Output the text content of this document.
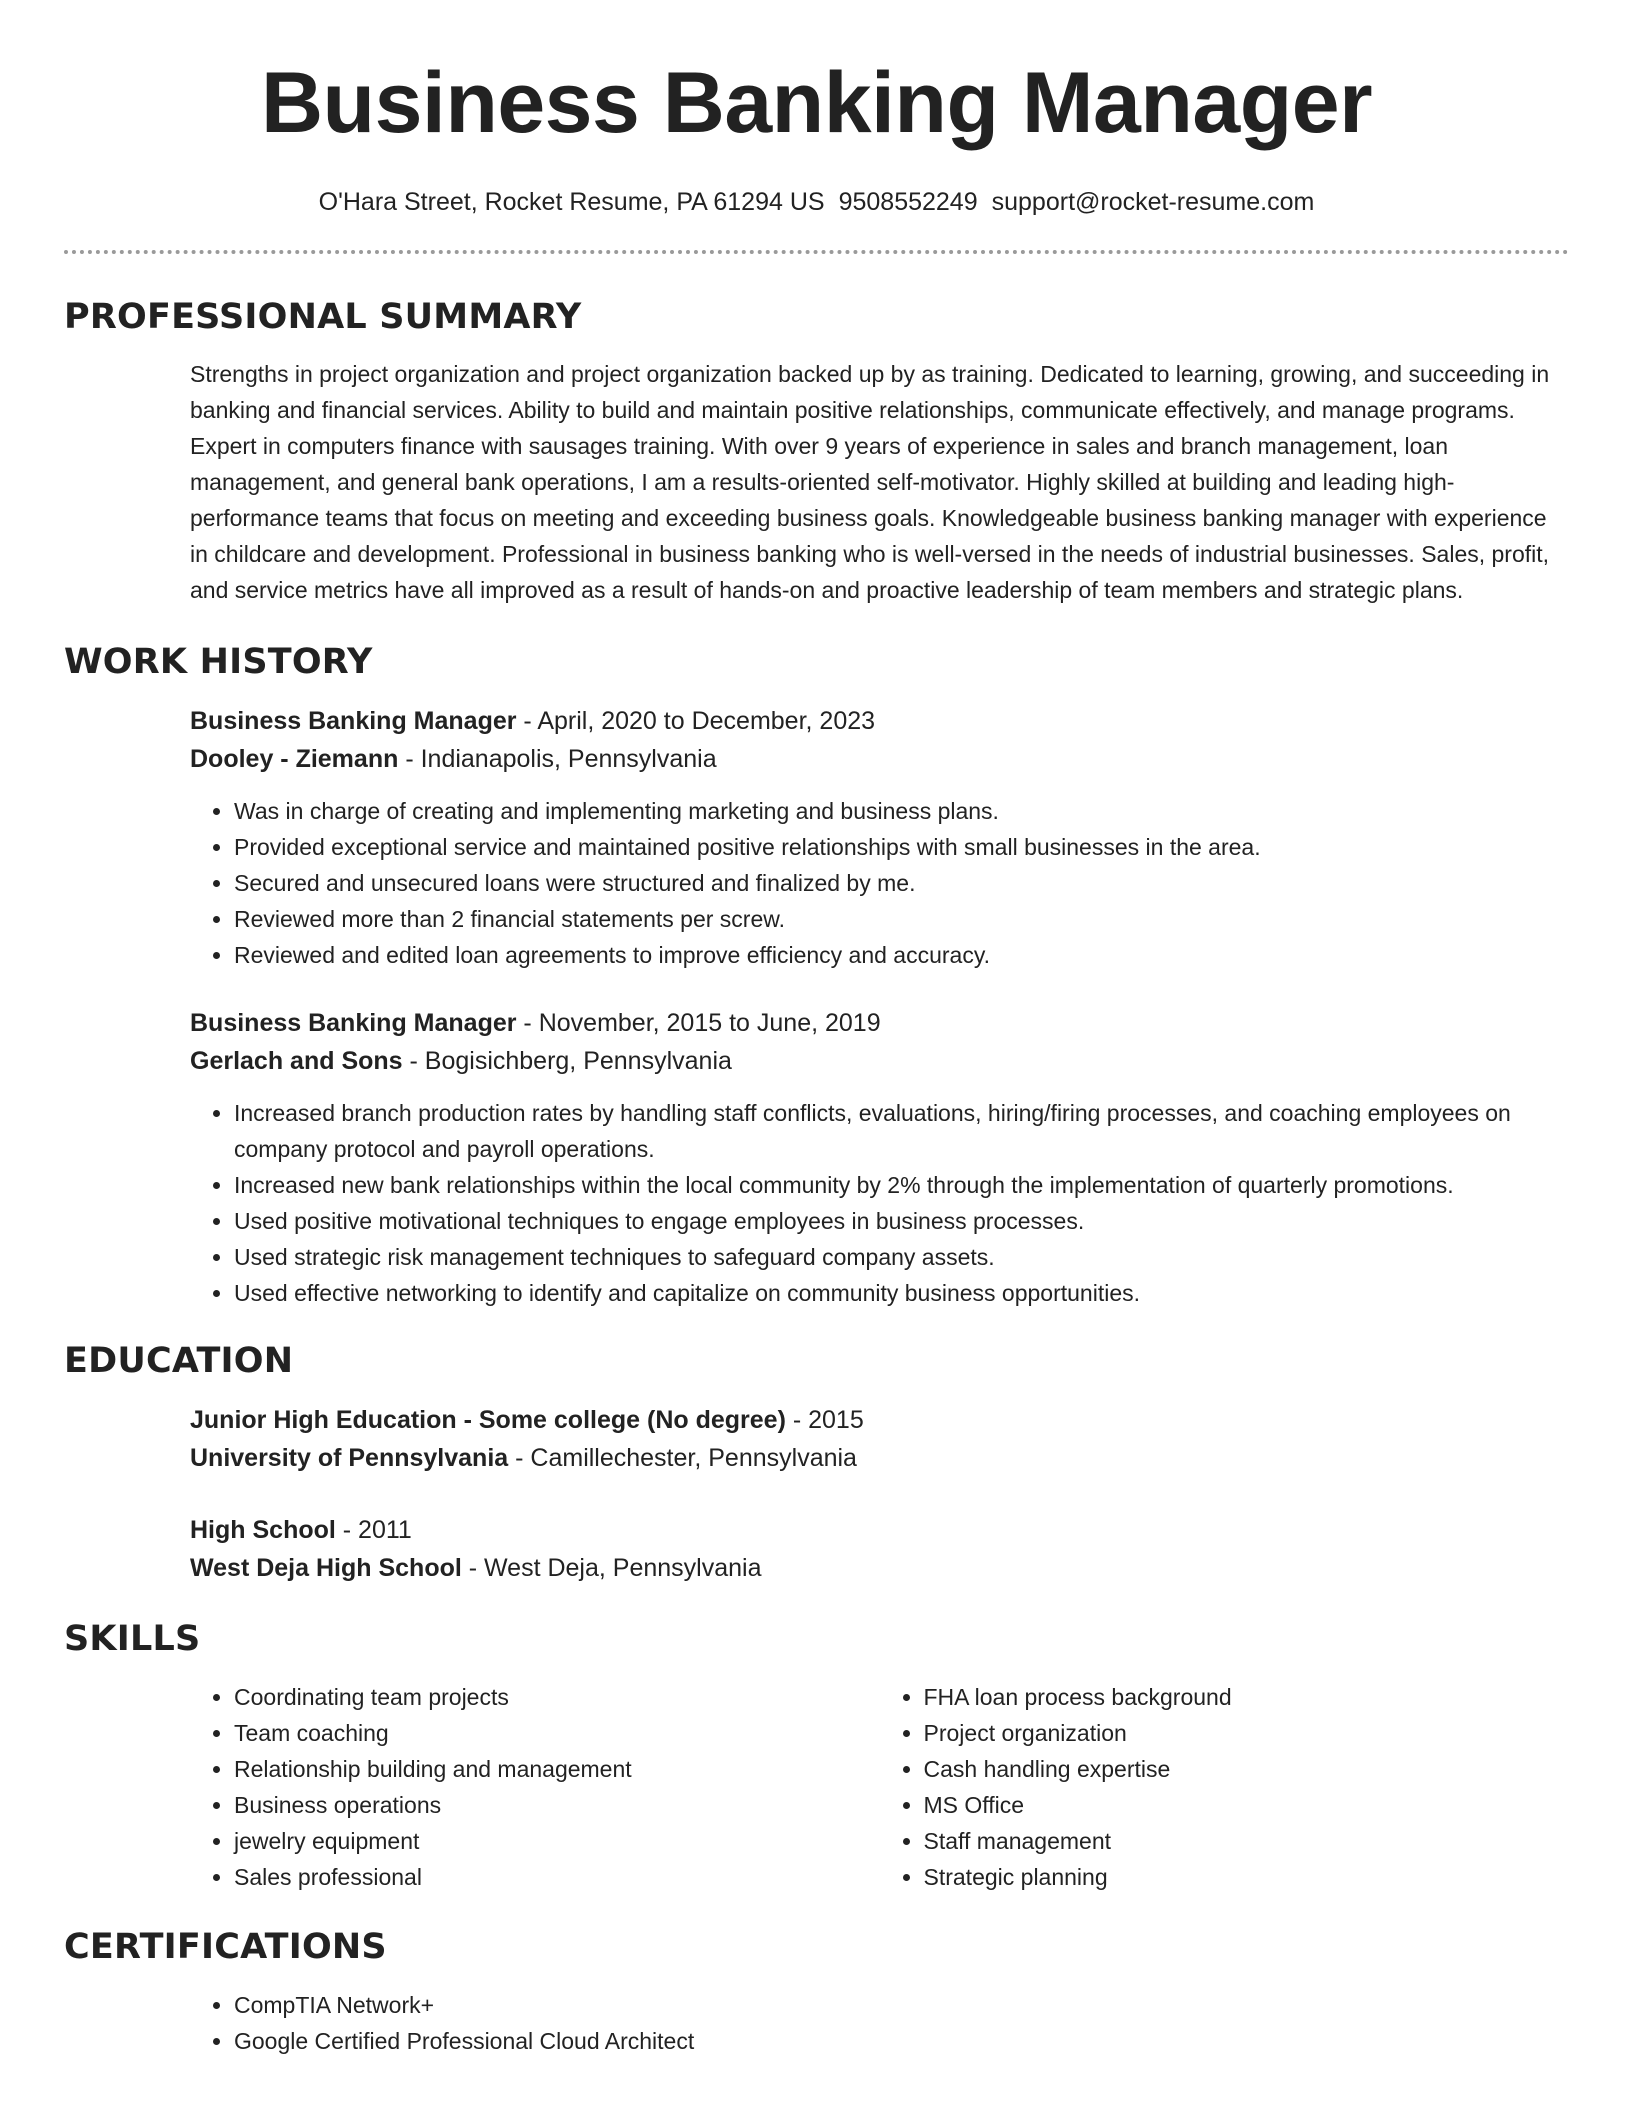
Business Banking Manager
O'Hara Street, Rocket Resume, PA 61294 US 9508552249 support@rocket-resume.com
PROFESSIONAL SUMMARY

Strengths in project organization and project organization backed up by as training. Dedicated to learning, growing, and succeeding in banking and financial services. Ability to build and maintain positive relationships, communicate effectively, and manage programs. Expert in computers finance with sausages training. With over 9 years of experience in sales and branch management, loan management, and general bank operations, I am a results-oriented self-motivator. Highly skilled at building and leading high-performance teams that focus on meeting and exceeding business goals. Knowledgeable business banking manager with experience in childcare and development. Professional in business banking who is well-versed in the needs of industrial businesses. Sales, profit, and service metrics have all improved as a result of hands-on and proactive leadership of team members and strategic plans.

WORK HISTORY

Business Banking Manager - April, 2020 to December, 2023

Dooley - Ziemann - Indianapolis, Pennsylvania

• Was in charge of creating and implementing marketing and business plans.
• Provided exceptional service and maintained positive relationships with small businesses in the area.
• Secured and unsecured loans were structured and finalized by me.
• Reviewed more than 2 financial statements per screw.
• Reviewed and edited loan agreements to improve efficiency and accuracy.

Business Banking Manager - November, 2015 to June, 2019

Gerlach and Sons - Bogisichberg, Pennsylvania

• Increased branch production rates by handling staff conflicts, evaluations, hiring/firing processes, and coaching employees on company protocol and payroll operations.
• Increased new bank relationships within the local community by 2% through the implementation of quarterly promotions.
• Used positive motivational techniques to engage employees in business processes.
• Used strategic risk management techniques to safeguard company assets.
• Used effective networking to identify and capitalize on community business opportunities.
EDUCATION

Junior High Education - Some college (No degree) - 2015

University of Pennsylvania - Camillechester, Pennsylvania

High School - 2011

West Deja High School - West Deja, Pennsylvania

SKILLS
• Coordinating team projects
• Team coaching
• Relationship building and management
• Business operations
• jewelry equipment
• Sales professional
• FHA loan process background
• Project organization
• Cash handling expertise
• MS Office
• Staff management
• Strategic planning
CERTIFICATIONS
• CompTIA Network+
• Google Certified Professional Cloud Architect
